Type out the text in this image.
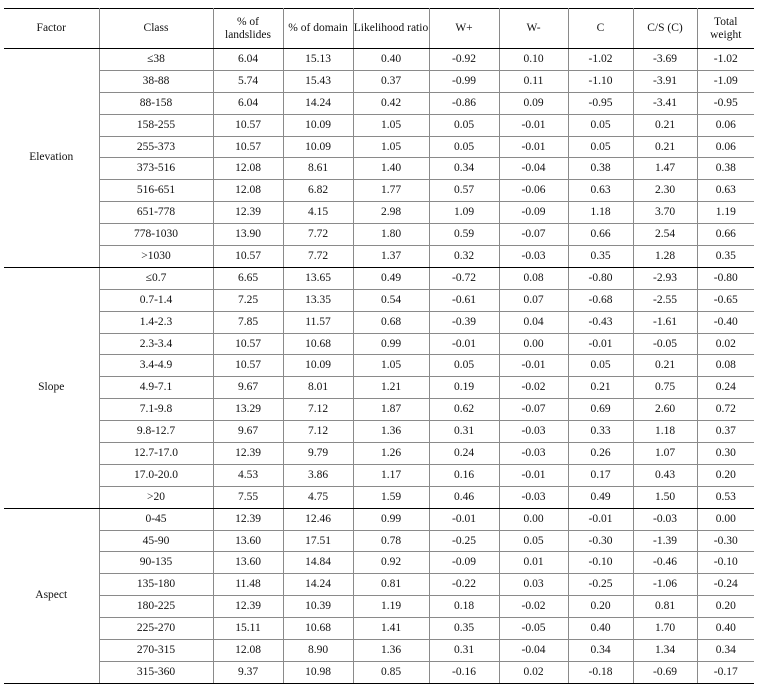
Factor	Class	% of landslides	% of domain	Likelihood ratio	W+	W-	C	C/S (C)	Total weight
Elevation	≤38	6.04	15.13	0.40	-0.92	0.10	-1.02	-3.69	-1.02
	38-88	5.74	15.43	0.37	-0.99	0.11	-1.10	-3.91	-1.09
	88-158	6.04	14.24	0.42	-0.86	0.09	-0.95	-3.41	-0.95
	158-255	10.57	10.09	1.05	0.05	-0.01	0.05	0.21	0.06
	255-373	10.57	10.09	1.05	0.05	-0.01	0.05	0.21	0.06
	373-516	12.08	8.61	1.40	0.34	-0.04	0.38	1.47	0.38
	516-651	12.08	6.82	1.77	0.57	-0.06	0.63	2.30	0.63
	651-778	12.39	4.15	2.98	1.09	-0.09	1.18	3.70	1.19
	778-1030	13.90	7.72	1.80	0.59	-0.07	0.66	2.54	0.66
	>1030	10.57	7.72	1.37	0.32	-0.03	0.35	1.28	0.35
Slope	≤0.7	6.65	13.65	0.49	-0.72	0.08	-0.80	-2.93	-0.80
	0.7-1.4	7.25	13.35	0.54	-0.61	0.07	-0.68	-2.55	-0.65
	1.4-2.3	7.85	11.57	0.68	-0.39	0.04	-0.43	-1.61	-0.40
	2.3-3.4	10.57	10.68	0.99	-0.01	0.00	-0.01	-0.05	0.02
	3.4-4.9	10.57	10.09	1.05	0.05	-0.01	0.05	0.21	0.08
	4.9-7.1	9.67	8.01	1.21	0.19	-0.02	0.21	0.75	0.24
	7.1-9.8	13.29	7.12	1.87	0.62	-0.07	0.69	2.60	0.72
	9.8-12.7	9.67	7.12	1.36	0.31	-0.03	0.33	1.18	0.37
	12.7-17.0	12.39	9.79	1.26	0.24	-0.03	0.26	1.07	0.30
	17.0-20.0	4.53	3.86	1.17	0.16	-0.01	0.17	0.43	0.20
	>20	7.55	4.75	1.59	0.46	-0.03	0.49	1.50	0.53
Aspect	0-45	12.39	12.46	0.99	-0.01	0.00	-0.01	-0.03	0.00
	45-90	13.60	17.51	0.78	-0.25	0.05	-0.30	-1.39	-0.30
	90-135	13.60	14.84	0.92	-0.09	0.01	-0.10	-0.46	-0.10
	135-180	11.48	14.24	0.81	-0.22	0.03	-0.25	-1.06	-0.24
	180-225	12.39	10.39	1.19	0.18	-0.02	0.20	0.81	0.20
	225-270	15.11	10.68	1.41	0.35	-0.05	0.40	1.70	0.40
	270-315	12.08	8.90	1.36	0.31	-0.04	0.34	1.34	0.34
	315-360	9.37	10.98	0.85	-0.16	0.02	-0.18	-0.69	-0.17
